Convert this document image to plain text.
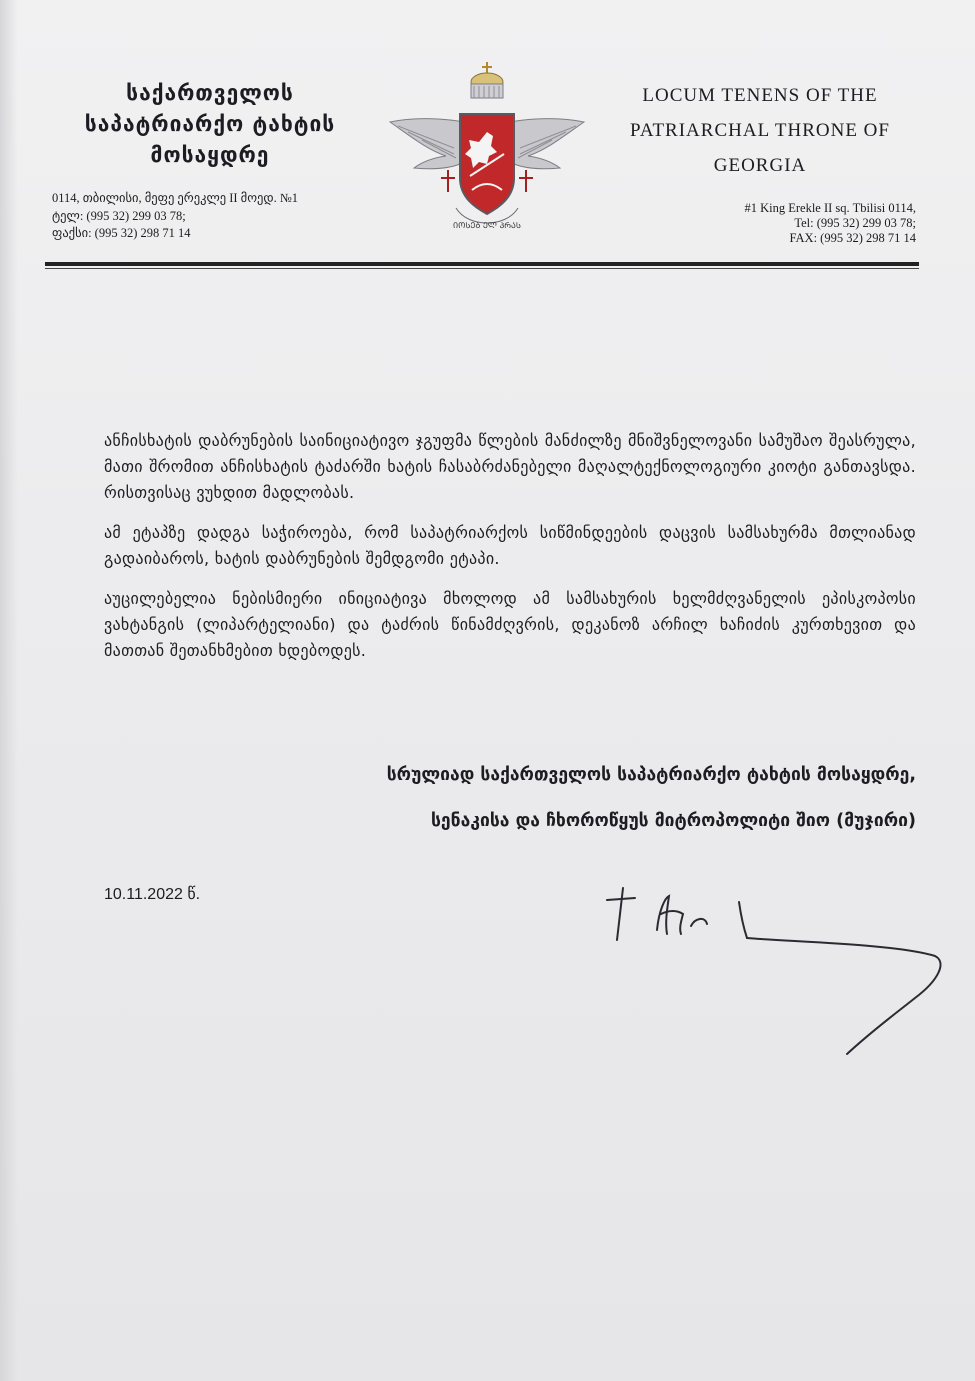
საქართველოს
საპატრიარქო ტახტის
მოსაყდრე
ᲘᲝᲡᲔᲑ ᲔᲚ ᲞᲠᲐᲡ
LOCUM TENENS OF THE
PATRIARCHAL THRONE OF
GEORGIA
0114, თბილისი, მეფე ერეკლე II მოედ. №1
ტელ: (995 32) 299 03 78;
ფაქსი: (995 32) 298 71 14
#1 King Erekle II sq. Tbilisi 0114,
Tel: (995 32) 299 03 78;
FAX: (995 32) 298 71 14

ანჩისხატის დაბრუნების საინიციატივო ჯგუფმა წლების მანძილზე მნიშვნელოვანი სამუშაო შეასრულა, მათი შრომით ანჩისხატის ტაძარში ხატის ჩასაბრძანებელი მაღალტექნოლოგიური კიოტი განთავსდა. რისთვისაც ვუხდით მადლობას.

ამ ეტაპზე დადგა საჭიროება, რომ საპატრიარქოს სიწმინდეების დაცვის სამსახურმა მთლიანად გადაიბაროს, ხატის დაბრუნების შემდგომი ეტაპი.

აუცილებელია ნებისმიერი ინიციატივა მხოლოდ ამ სამსახურის ხელმძღვანელის ეპისკოპოსი ვახტანგის (ლიპარტელიანი) და ტაძრის წინამძღვრის, დეკანოზ არჩილ ხაჩიძის კურთხევით და მათთან შეთანხმებით ხდებოდეს.

სრულიად საქართველოს საპატრიარქო ტახტის მოსაყდრე,
სენაკისა და ჩხოროწყუს მიტროპოლიტი შიო (მუჯირი)
10.11.2022 წ.
